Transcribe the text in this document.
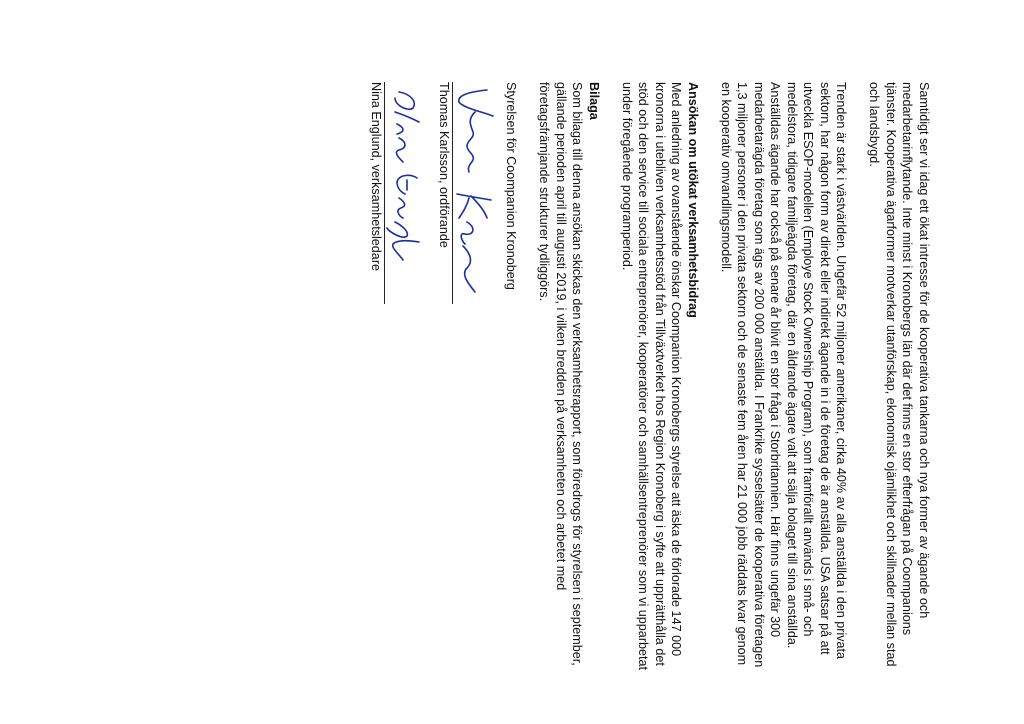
Samtidigt ser vi idag ett ökat intresse för de kooperativa tankarna och nya former av ägande och medarbetarinflytande. Inte minst i Kronobergs län där det finns en stor efterfrågan på Coompanions tjänster. Kooperativa ägarformer motverkar utanförskap, ekonomisk ojämlikhet och skillnader mellan stad och landsbygd.

Trenden är stark i västvärlden. Ungefär 52 miljoner amerikaner, cirka 40% av alla anställda i den privata sektorn, har någon form av direkt eller indirekt ägande in i de företag de är anställda. USA satsar på att utveckla ESOP-modellen (Employe Stock Ownership Program), som framförallt används i små- och medelstora, tidigare familjeägda företag, där en åldrande ägare valt att sälja bolaget till sina anställda. Anställdas ägande har också på senare år blivit en stor fråga i Storbritannien. Här finns ungefär 300 medarbetarägda företag som ägs av 200 000 anställda. I Frankrike sysselsätter de kooperativa företagen 1,3 miljoner personer i den privata sektorn och de senaste fem åren har 21 000 jobb räddats kvar genom en kooperativ omvandlingsmodell.

Ansökan om utökat verksamhetsbidrag

Med anledning av ovanstående önskar Coompanion Kronobergs styrelse att äska de förlorade 147 000 kronorna i utebliven verksamhetsstöd från Tillväxtverket hos Region Kronoberg i syfte att upprätthålla det stöd och den service till sociala entreprenörer, kooperatörer och samhällsentreprenörer som vi upparbetat under föregående programperiod.

Bilaga

Som bilaga till denna ansökan skickas den verksamhetsrapport, som föredrogs för styrelsen i september, gällande perioden april till augusti 2019, i vilken bredden på verksamheten och arbetet med företagsfrämjande strukturer tydliggörs.

Styrelsen för Coompanion Kronoberg

Thomas Karlsson, ordförande

Nina Englund, verksamhetsledare
